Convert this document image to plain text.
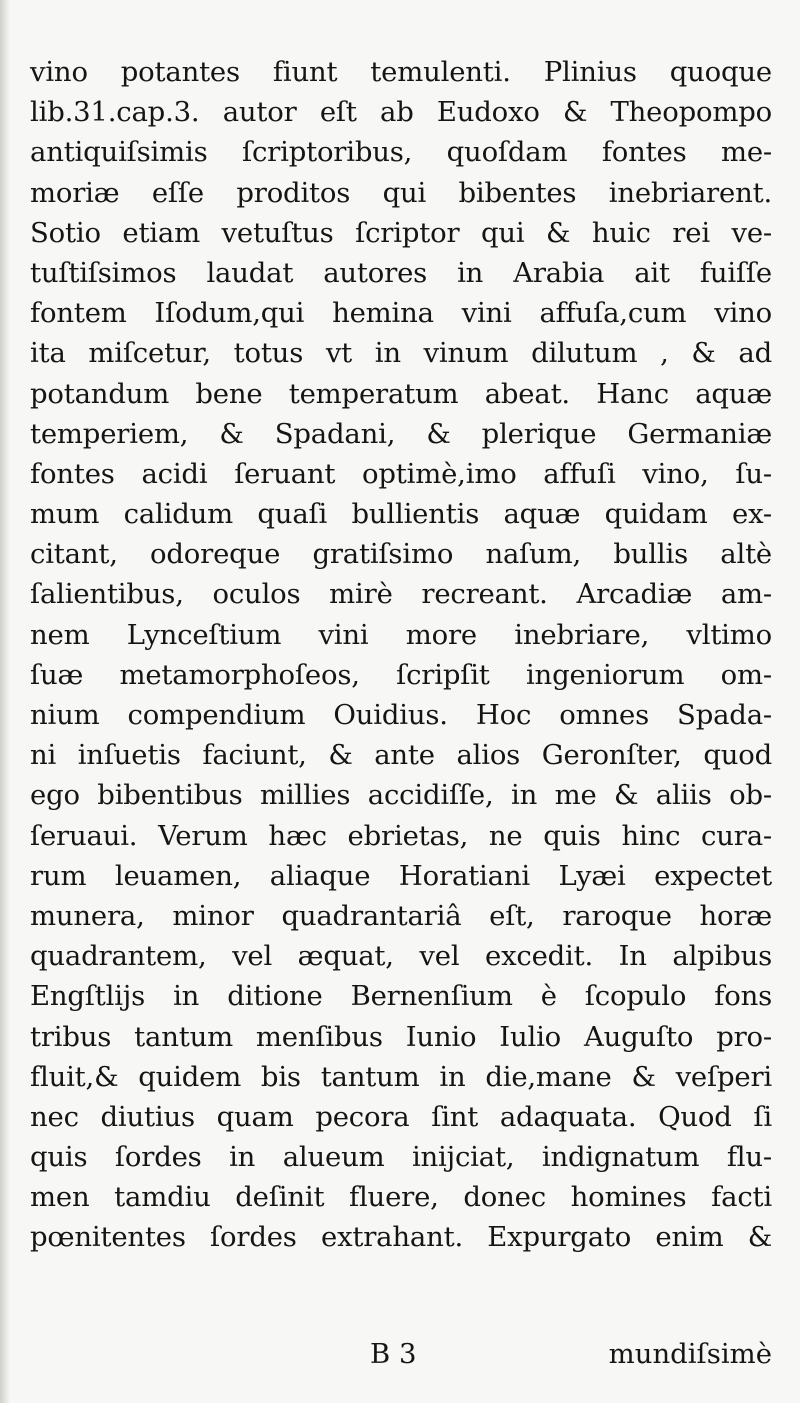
vino potantes fiunt temulenti. Plinius quoque
lib.31.cap.3. autor eſt ab Eudoxo & Theopompo
antiquiſsimis ſcriptoribus, quoſdam fontes me-
moriæ eſſe proditos qui bibentes inebriarent.
Sotio etiam vetuſtus ſcriptor qui & huic rei ve-
tuſtiſsimos laudat autores in Arabia ait fuiſſe
fontem Iſodum,qui hemina vini affuſa,cum vino
ita miſcetur, totus vt in vinum dilutum , & ad
potandum bene temperatum abeat. Hanc aquæ
temperiem, & Spadani, & plerique Germaniæ
fontes acidi ſeruant optimè,imo affuſi vino, ſu-
mum calidum quaſi bullientis aquæ quidam ex-
citant, odoreque gratiſsimo naſum, bullis altè
ſalientibus, oculos mirè recreant. Arcadiæ am-
nem Lynceſtium vini more inebriare, vltimo
ſuæ metamorphoſeos, ſcripſit ingeniorum om-
nium compendium Ouidius. Hoc omnes Spada-
ni inſuetis faciunt, & ante alios Geronſter, quod
ego bibentibus millies accidiſſe, in me & aliis ob-
ſeruaui. Verum hæc ebrietas, ne quis hinc cura-
rum leuamen, aliaque Horatiani Lyæi expectet
munera, minor quadrantariâ eſt, raroque horæ
quadrantem, vel æquat, vel excedit. In alpibus
Engſtlijs in ditione Bernenſium è ſcopulo fons
tribus tantum menſibus Iunio Iulio Auguſto pro-
fluit,& quidem bis tantum in die,mane & veſperi
nec diutius quam pecora ſint adaquata. Quod ſi
quis ſordes in alueum inijciat, indignatum flu-
men tamdiu deſinit fluere, donec homines facti
pœnitentes ſordes extrahant. Expurgato enim &
B 3	mundiſsimè
